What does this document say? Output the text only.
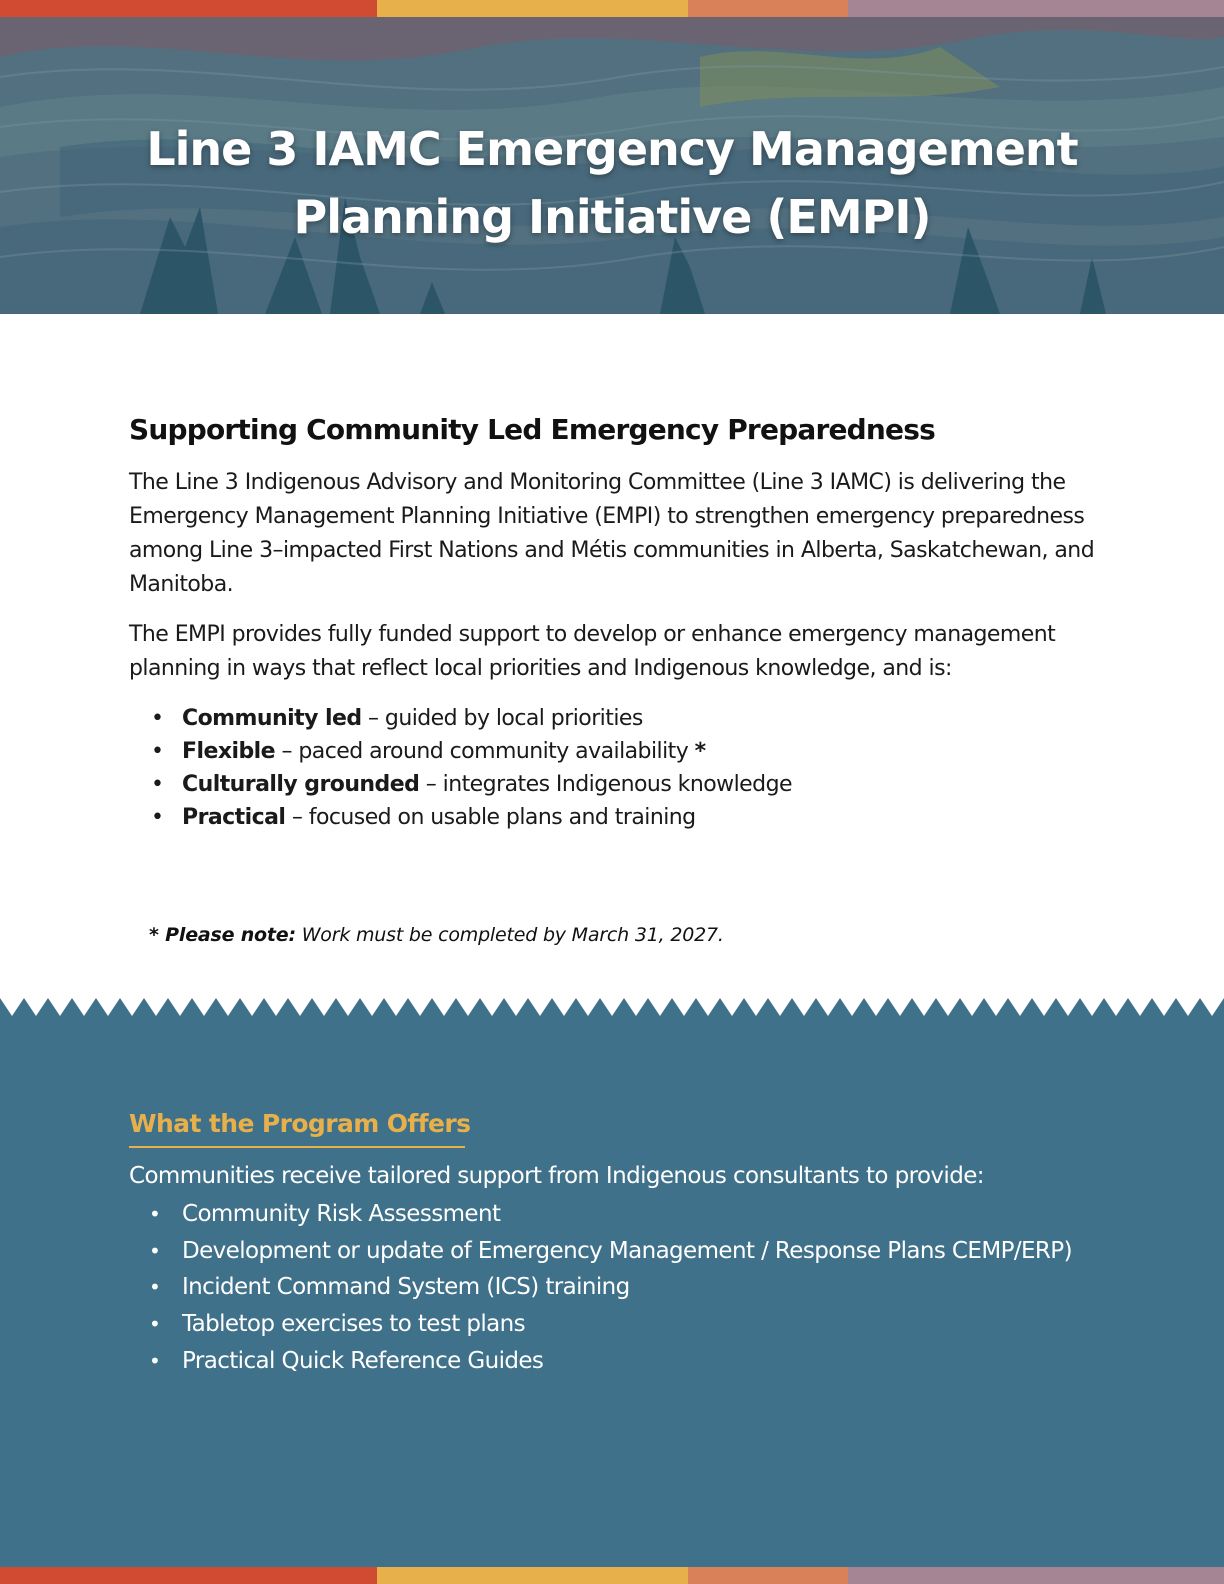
Line 3 IAMC Emergency Management
Planning Initiative (EMPI)
Supporting Community Led Emergency Preparedness

The Line 3 Indigenous Advisory and Monitoring Committee (Line 3 IAMC) is delivering the Emergency Management Planning Initiative (EMPI) to strengthen emergency preparedness among Line 3–impacted First Nations and Métis communities in Alberta, Saskatchewan, and Manitoba.

The EMPI provides fully funded support to develop or enhance emergency management planning in ways that reflect local priorities and Indigenous knowledge, and is:

• Community led – guided by local priorities
• Flexible – paced around community availability *
• Culturally grounded – integrates Indigenous knowledge
• Practical – focused on usable plans and training
* Please note: Work must be completed by March 31, 2027.
What the Program Offers

Communities receive tailored support from Indigenous consultants to provide:

• Community Risk Assessment
• Development or update of Emergency Management / Response Plans CEMP/ERP)
• Incident Command System (ICS) training
• Tabletop exercises to test plans
• Practical Quick Reference Guides
